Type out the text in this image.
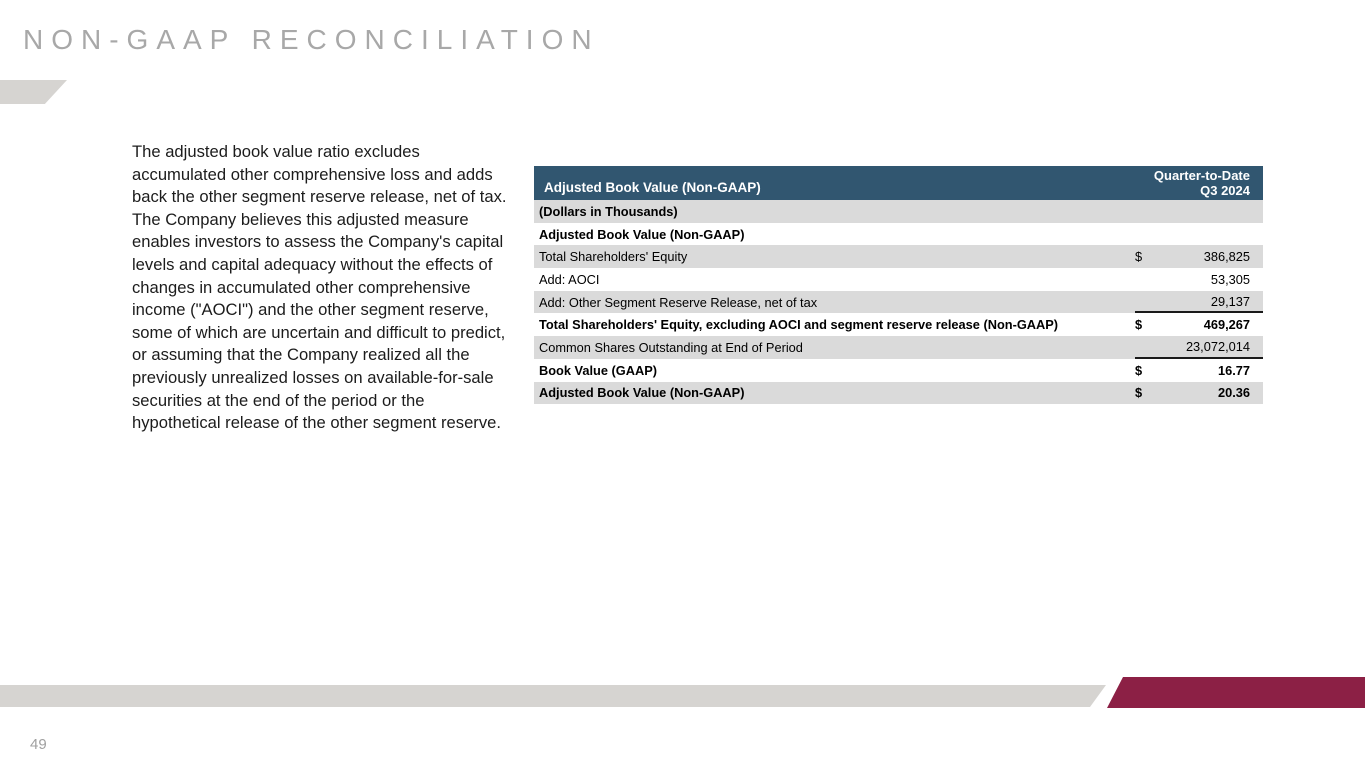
NON-GAAP RECONCILIATION

The adjusted book value ratio excludes accumulated other comprehensive loss and adds back the other segment reserve release, net of tax. The Company believes this adjusted measure enables investors to assess the Company's capital levels and capital adequacy without the effects of changes in accumulated other comprehensive income ("AOCI") and the other segment reserve, some of which are uncertain and difficult to predict, or assuming that the Company realized all the previously unrealized losses on available-for-sale securities at the end of the period or the hypothetical release of the other segment reserve.

Adjusted Book Value (Non-GAAP)
Quarter-to-Date
Q3 2024
(Dollars in Thousands)
Adjusted Book Value (Non-GAAP)
Total Shareholders' Equity	$	386,825
Add: AOCI	53,305
Add: Other Segment Reserve Release, net of tax	29,137
Total Shareholders' Equity, excluding AOCI and segment reserve release (Non-GAAP)	$	469,267
Common Shares Outstanding at End of Period	23,072,014
Book Value (GAAP)	$	16.77
Adjusted Book Value (Non-GAAP)	$	20.36
49
